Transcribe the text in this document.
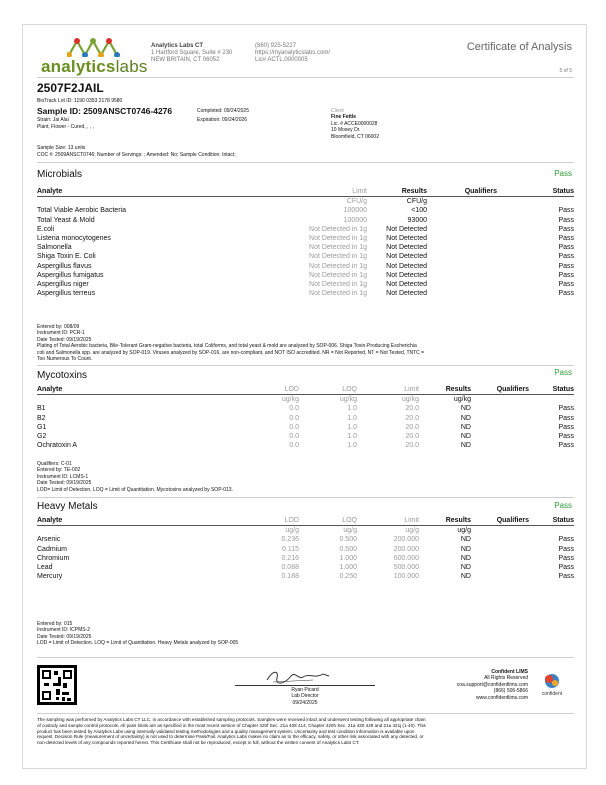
analyticslabs
Analytics Labs CT
1 Hartford Square, Suite # 230
NEW BRITAIN, CT 06052
(860) 925-5227
https://myanalyticslabs.com/
Lic# ACTL.0000005
Certificate of Analysis
5 of 5
2507F2JAIL
BioTrack Lot ID: 1190 0353 2178 9580
Sample ID: 2509ANSCT0746-4276	Completed: 09/24/2025
Strain: Jai Alai	Expiration: 09/24/2026
Plant, Flower - Cured, , , ,
Client
Fine Fettle
Lic. # ACCE0000028
10 Mosey Dr.
Bloomfield, CT 06002
Sample Size: 13 units
COC #: 2509ANSCT0746; Number of Servings: ; Amended: No; Sample Condition: Intact;
Microbials	Pass
Analyte	Limit	Results	Qualifiers	Status
	CFU/g	CFU/g		
Total Viable Aerobic Bacteria	100000	<100		Pass
Total Yeast & Mold	100000	93000		Pass
E.coli	Not Detected in 1g	Not Detected		Pass
Listeria monocytogenes	Not Detected in 1g	Not Detected		Pass
Salmonella	Not Detected in 1g	Not Detected		Pass
Shiga Toxin E. Coli	Not Detected in 1g	Not Detected		Pass
Aspergillus flavus	Not Detected in 1g	Not Detected		Pass
Aspergillus fumigatus	Not Detected in 1g	Not Detected		Pass
Aspergillus niger	Not Detected in 1g	Not Detected		Pass
Aspergillus terreus	Not Detected in 1g	Not Detected		Pass
Entered by: 008/09
Instrument ID: PCR-1
Date Tested: 09/19/2025
Plating of Total Aerobic bacteria, Bile-Tolerant Gram-negative bacteria, total Coliforms, and total yeast & mold are analyzed by SOP-006. Shiga Toxin-Producing Escherichia
coli and Salmonella spp. are analyzed by SOP-019. Viruses analyzed by SOP-016, are non-compliant, and NOT ISO accredited. NR = Not Reported, NT = Not Tested, TNTC =
Too Numerous To Count.
Mycotoxins	Pass
Analyte	LOD	LOQ	Limit	Results	Qualifiers	Status
	ug/kg	ug/kg	ug/kg	ug/kg		
B1	0.0	1.0	20.0	ND		Pass
B2	0.0	1.0	20.0	ND		Pass
G1	0.0	1.0	20.0	ND		Pass
G2	0.0	1.0	20.0	ND		Pass
Ochratoxin A	0.0	1.0	20.0	ND		Pass
Qualifiers: C-01
Entered by: TE-002
Instrument ID: LCMS-1
Date Tested: 09/19/2025
LOD= Limit of Detection, LOQ = Limit of Quantitation. Mycotoxins analyzed by SOP-013.
Heavy Metals	Pass
Analyte	LOD	LOQ	Limit	Results	Qualifiers	Status
	ug/g	ug/g	ug/g	ug/g		
Arsenic	0.236	0.500	200.000	ND		Pass
Cadmium	0.115	0.500	200.000	ND		Pass
Chromium	0.216	1.000	600.000	ND		Pass
Lead	0.088	1.000	500.000	ND		Pass
Mercury	0.188	0.250	100.000	ND		Pass
Entered by: 015
Instrument ID: ICPMS-2
Date Tested: 09/19/2025
LOD = Limit of Detection. LOQ = Limit of Quantitation. Heavy Metals analyzed by SOP-005
Ryan Picard
Lab Director
09/24/2025
Confident LIMS
All Rights Reserved
coa.support@confidentlims.com
(866) 506-5866
www.confidentlims.com
confident
The sampling was performed by Analytics Labs CT LLC, in accordance with established sampling protocols. Samples were received intact and underwent testing following all appropriate chain
of custody and sample control protocols. All pass limits are as specified in the most recent version of Chapter 420f Sec. 21a 408 414, Chapter 420h Sec. 21a 420 429 and 21a 421j (1-40). This
product has been tested by Analytics Labs using internally validated testing methodologies and a quality management system. Uncertainty and test condition information is available upon
request. Decision Rule (measurement of uncertainty) is not used to determine Pass/Fail. Analytics Labs makes no claim as to the efficacy, safety, or other risk associated with any detected, or
non-detected levels of any compounds reported herein. This Certificate shall not be reproduced, except in full, without the written consent of Analytics Labs CT.
